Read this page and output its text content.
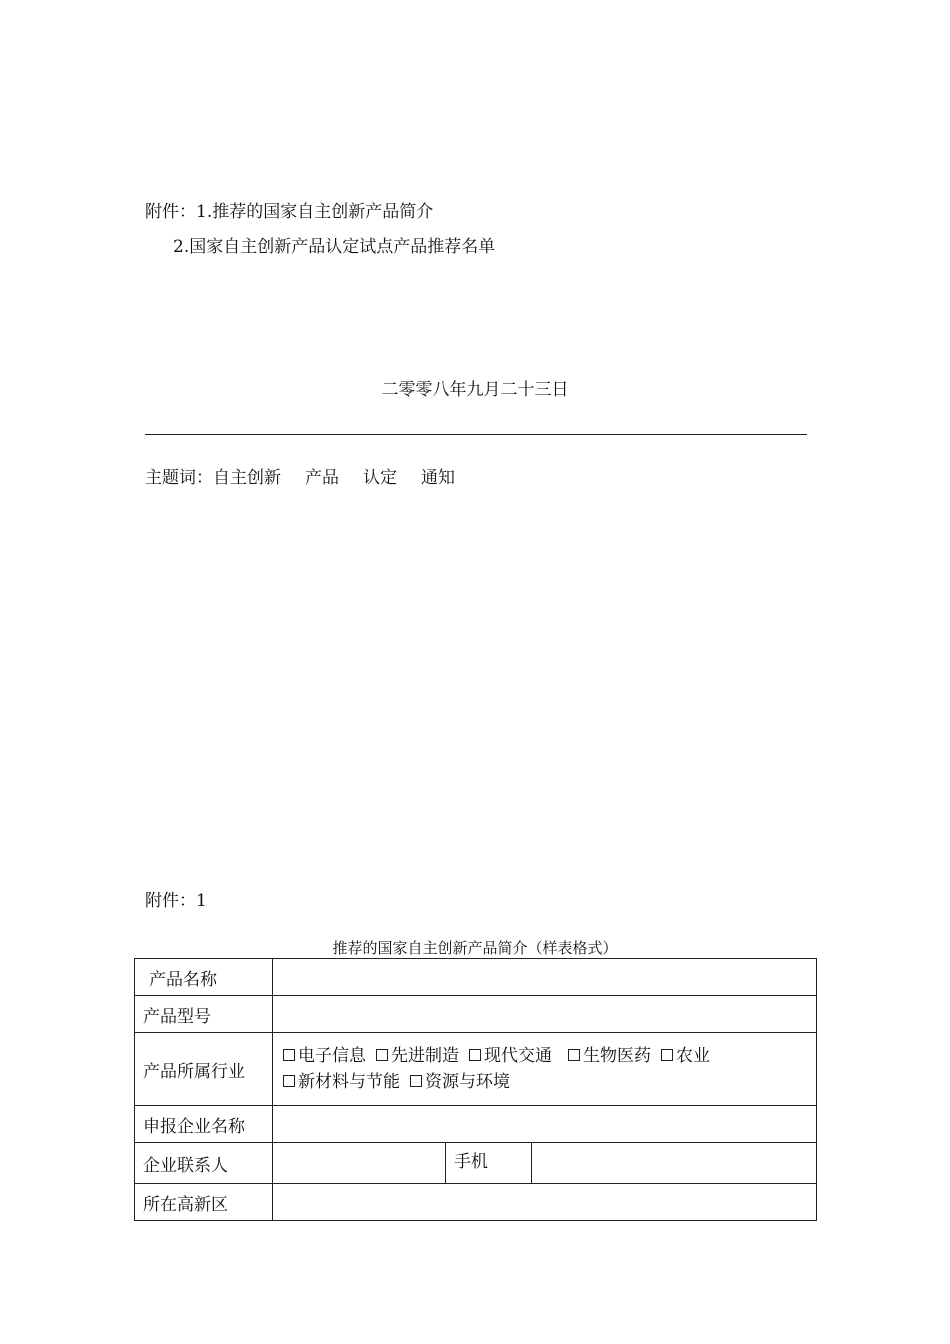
附件：1.推荐的国家自主创新产品简介
2.国家自主创新产品认定试点产品推荐名单
二零零八年九月二十三日
主题词：自主创新 产品 认定 通知
附件：1
推荐的国家自主创新产品简介（样表格式）
产品名称			
产品型号			
产品所属行业	电子信息 先进制造 现代交通 生物医药 农业
新材料与节能 资源与环境		

申报企业名称			
企业联系人		手机	
所在高新区			
